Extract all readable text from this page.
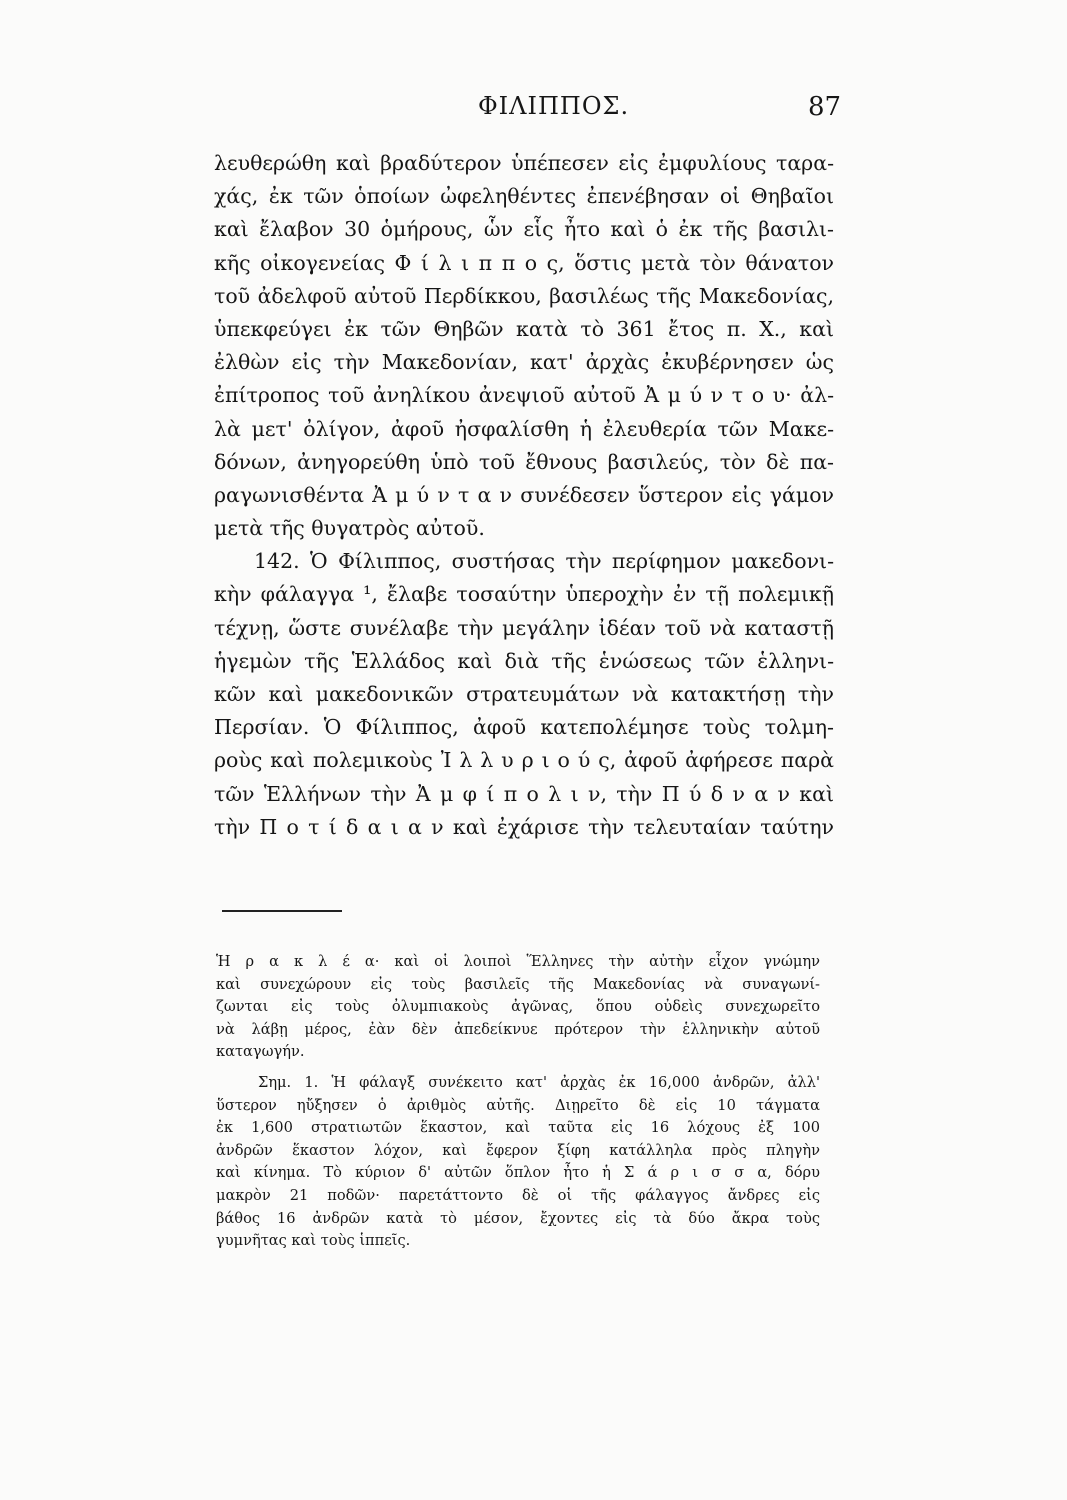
ΦΙΛΙΠΠΟΣ.	87
λευθερώθη καὶ βραδύτερον ὑπέπεσεν εἰς ἐμφυλίους ταρα-
χάς, ἐκ τῶν ὁποίων ὠφεληθέντες ἐπενέβησαν οἱ Θηβαῖοι
καὶ ἔλαβον 30 ὁμήρους, ὧν εἷς ἦτο καὶ ὁ ἐκ τῆς βασιλι-
κῆς οἰκογενείας Φ ί λ ι π π ο ς, ὅστις μετὰ τὸν θάνατον
τοῦ ἀδελφοῦ αὐτοῦ Περδίκκου, βασιλέως τῆς Μακεδονίας,
ὑπεκφεύγει ἐκ τῶν Θηβῶν κατὰ τὸ 361 ἔτος π. Χ., καὶ
ἐλθὼν εἰς τὴν Μακεδονίαν, κατ' ἀρχὰς ἐκυβέρνησεν ὡς
ἐπίτροπος τοῦ ἀνηλίκου ἀνεψιοῦ αὐτοῦ Ἀ μ ύ ν τ ο υ· ἀλ-
λὰ μετ' ὀλίγον, ἀφοῦ ἠσφαλίσθη ἡ ἐλευθερία τῶν Μακε-
δόνων, ἀνηγορεύθη ὑπὸ τοῦ ἔθνους βασιλεύς, τὸν δὲ πα-
ραγωνισθέντα Ἀ μ ύ ν τ α ν συνέδεσεν ὕστερον εἰς γάμον
μετὰ τῆς θυγατρὸς αὐτοῦ.
142. Ὁ Φίλιππος, συστήσας τὴν περίφημον μακεδονι-
κὴν φάλαγγα ¹, ἔλαβε τοσαύτην ὑπεροχὴν ἐν τῇ πολεμικῇ
τέχνῃ, ὥστε συνέλαβε τὴν μεγάλην ἰδέαν τοῦ νὰ καταστῇ
ἡγεμὼν τῆς Ἑλλάδος καὶ διὰ τῆς ἑνώσεως τῶν ἑλληνι-
κῶν καὶ μακεδονικῶν στρατευμάτων νὰ κατακτήσῃ τὴν
Περσίαν. Ὁ Φίλιππος, ἀφοῦ κατεπολέμησε τοὺς τολμη-
ροὺς καὶ πολεμικοὺς Ἰ λ λ υ ρ ι ο ύ ς, ἀφοῦ ἀφήρεσε παρὰ
τῶν Ἑλλήνων τὴν Ἀ μ φ ί π ο λ ι ν, τὴν Π ύ δ ν α ν καὶ
τὴν Π ο τ ί δ α ι α ν καὶ ἐχάρισε τὴν τελευταίαν ταύτην
Ἡ ρ α κ λ έ α· καὶ οἱ λοιποὶ Ἕλληνες τὴν αὐτὴν εἶχον γνώμην
καὶ συνεχώρουν εἰς τοὺς βασιλεῖς τῆς Μακεδονίας νὰ συναγωνί-
ζωνται εἰς τοὺς ὀλυμπιακοὺς ἀγῶνας, ὅπου οὐδεὶς συνεχωρεῖτο
νὰ λάβῃ μέρος, ἐὰν δὲν ἀπεδείκνυε πρότερον τὴν ἑλληνικὴν αὐτοῦ
καταγωγήν.
Σημ. 1. Ἡ φάλαγξ συνέκειτο κατ' ἀρχὰς ἐκ 16,000 ἀνδρῶν, ἀλλ'
ὕστερον ηὔξησεν ὁ ἀριθμὸς αὐτῆς. Διῃρεῖτο δὲ εἰς 10 τάγματα
ἐκ 1,600 στρατιωτῶν ἕκαστον, καὶ ταῦτα εἰς 16 λόχους ἐξ 100
ἀνδρῶν ἕκαστον λόχον, καὶ ἔφερον ξίφη κατάλληλα πρὸς πληγὴν
καὶ κίνημα. Τὸ κύριον δ' αὐτῶν ὅπλον ἦτο ἡ Σ ά ρ ι σ σ α, δόρυ
μακρὸν 21 ποδῶν· παρετάττοντο δὲ οἱ τῆς φάλαγγος ἄνδρες εἰς
βάθος 16 ἀνδρῶν κατὰ τὸ μέσον, ἔχοντες εἰς τὰ δύο ἄκρα τοὺς
γυμνῆτας καὶ τοὺς ἱππεῖς.
